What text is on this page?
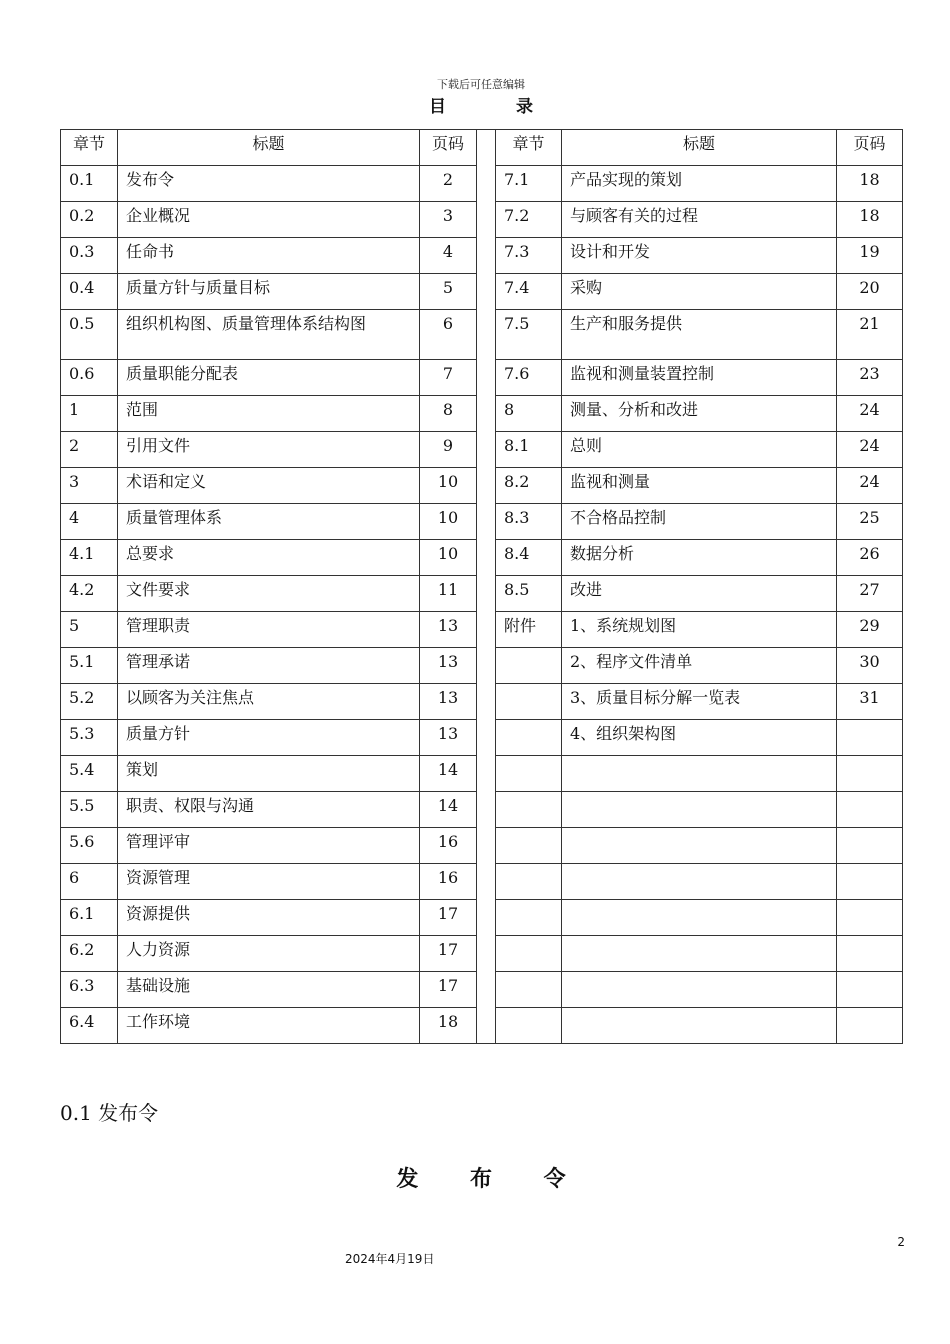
下载后可任意编辑
目 录
章节	标题	页码		章节	标题	页码
0.1	发布令	2		7.1	产品实现的策划	18
0.2	企业概况	3		7.2	与顾客有关的过程	18
0.3	任命书	4		7.3	设计和开发	19
0.4	质量方针与质量目标	5		7.4	采购	20
0.5	组织机构图、质量管理体系结构图	6		7.5	生产和服务提供	21
0.6	质量职能分配表	7		7.6	监视和测量装置控制	23
1	范围	8		8	测量、分析和改进	24
2	引用文件	9		8.1	总则	24
3	术语和定义	10		8.2	监视和测量	24
4	质量管理体系	10		8.3	不合格品控制	25
4.1	总要求	10		8.4	数据分析	26
4.2	文件要求	11		8.5	改进	27
5	管理职责	13		附件	1、系统规划图	29
5.1	管理承诺	13			2、程序文件清单	30
5.2	以顾客为关注焦点	13			3、质量目标分解一览表	31
5.3	质量方针	13			4、组织架构图	
5.4	策划	14				
5.5	职责、权限与沟通	14				
5.6	管理评审	16				
6	资源管理	16				
6.1	资源提供	17				
6.2	人力资源	17				
6.3	基础设施	17				
6.4	工作环境	18				
0.1 发布令
发 布 令
2
2024年4月19日
